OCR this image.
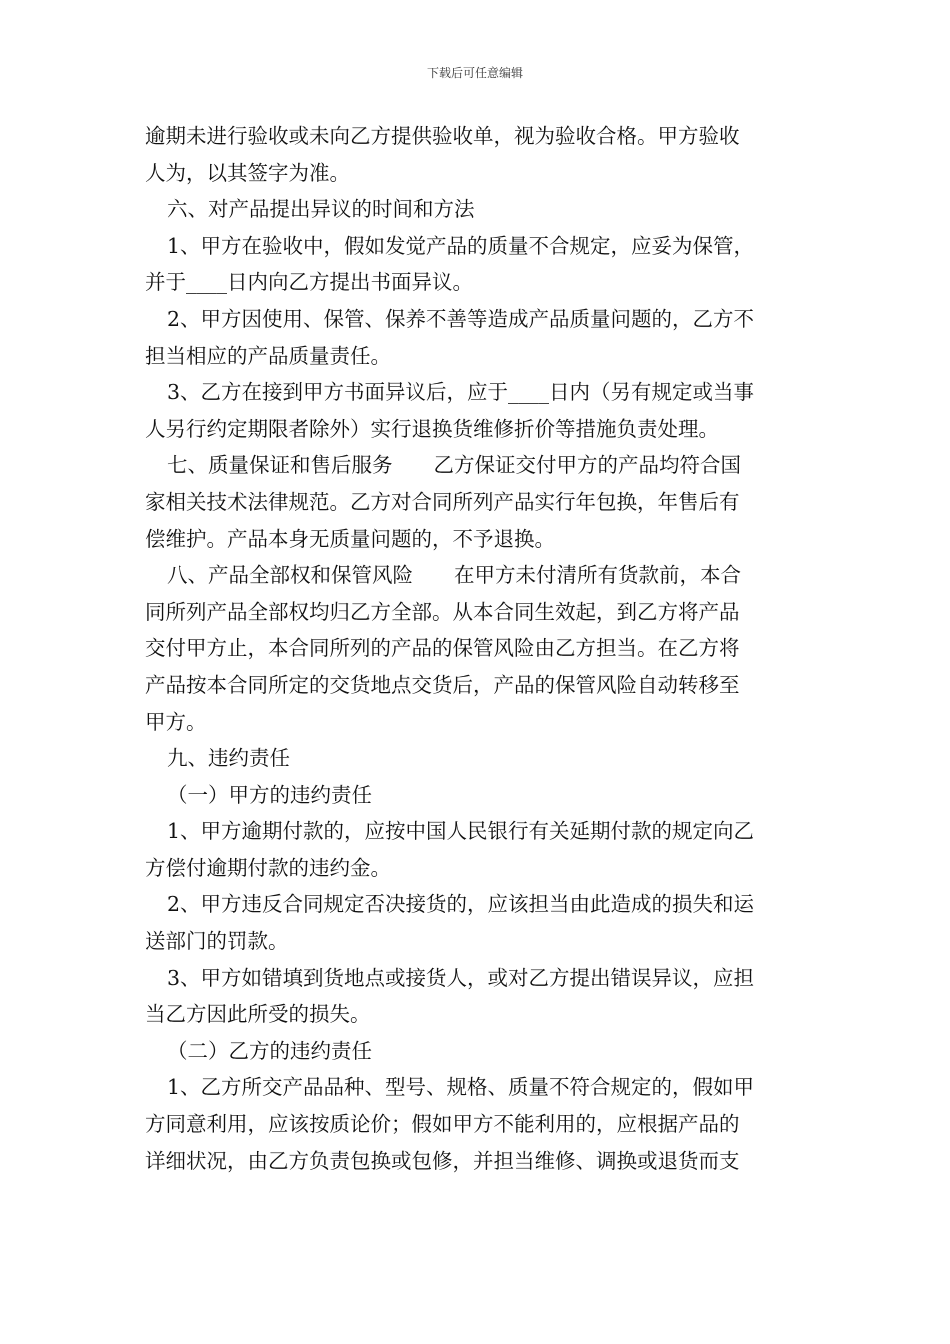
下载后可任意编辑
逾期未进行验收或未向乙方提供验收单，视为验收合格。甲方验收
人为，以其签字为准。
六、对产品提出异议的时间和方法
1、甲方在验收中，假如发觉产品的质量不合规定，应妥为保管，
并于____日内向乙方提出书面异议。
2、甲方因使用、保管、保养不善等造成产品质量问题的，乙方不
担当相应的产品质量责任。
3、乙方在接到甲方书面异议后，应于____日内（另有规定或当事
人另行约定期限者除外）实行退换货维修折价等措施负责处理。
七、质量保证和售后服务　　乙方保证交付甲方的产品均符合国
家相关技术法律规范。乙方对合同所列产品实行年包换，年售后有
偿维护。产品本身无质量问题的，不予退换。
八、产品全部权和保管风险　　在甲方未付清所有货款前，本合
同所列产品全部权均归乙方全部。从本合同生效起，到乙方将产品
交付甲方止，本合同所列的产品的保管风险由乙方担当。在乙方将
产品按本合同所定的交货地点交货后，产品的保管风险自动转移至
甲方。
九、违约责任
（一）甲方的违约责任
1、甲方逾期付款的，应按中国人民银行有关延期付款的规定向乙
方偿付逾期付款的违约金。
2、甲方违反合同规定否决接货的，应该担当由此造成的损失和运
送部门的罚款。
3、甲方如错填到货地点或接货人，或对乙方提出错误异议，应担
当乙方因此所受的损失。
（二）乙方的违约责任
1、乙方所交产品品种、型号、规格、质量不符合规定的，假如甲
方同意利用，应该按质论价；假如甲方不能利用的，应根据产品的
详细状况，由乙方负责包换或包修，并担当维修、调换或退货而支
